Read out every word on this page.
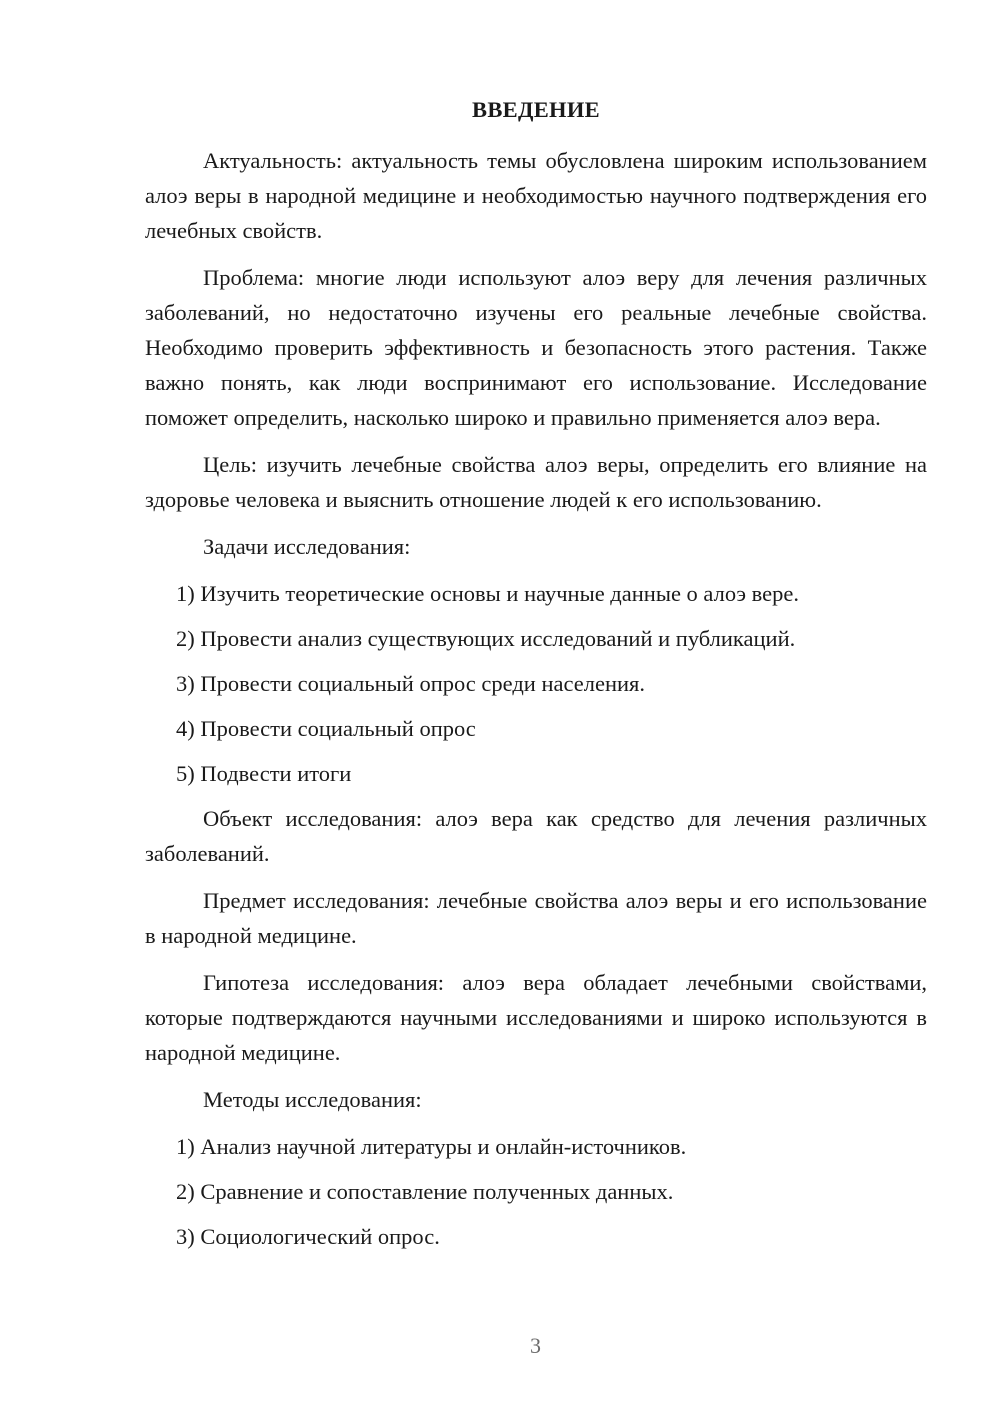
ВВЕДЕНИЕ

Актуальность: актуальность темы обусловлена широким использованием алоэ веры в народной медицине и необходимостью научного подтверждения его лечебных свойств.

Проблема: многие люди используют алоэ веру для лечения различных заболеваний, но недостаточно изучены его реальные лечебные свойства. Необходимо проверить эффективность и безопасность этого растения. Также важно понять, как люди воспринимают его использование. Исследование поможет определить, насколько широко и правильно применяется алоэ вера.

Цель: изучить лечебные свойства алоэ веры, определить его влияние на здоровье человека и выяснить отношение людей к его использованию.

Задачи исследования:

1) Изучить теоретические основы и научные данные о алоэ вере.
2) Провести анализ существующих исследований и публикаций.
3) Провести социальный опрос среди населения.
4) Провести социальный опрос
5) Подвести итоги

Объект исследования: алоэ вера как средство для лечения различных заболеваний.

Предмет исследования: лечебные свойства алоэ веры и его использование в народной медицине.

Гипотеза исследования: алоэ вера обладает лечебными свойствами, которые подтверждаются научными исследованиями и широко используются в народной медицине.

Методы исследования:

1) Анализ научной литературы и онлайн-источников.
2) Сравнение и сопоставление полученных данных.
3) Социологический опрос.
3
